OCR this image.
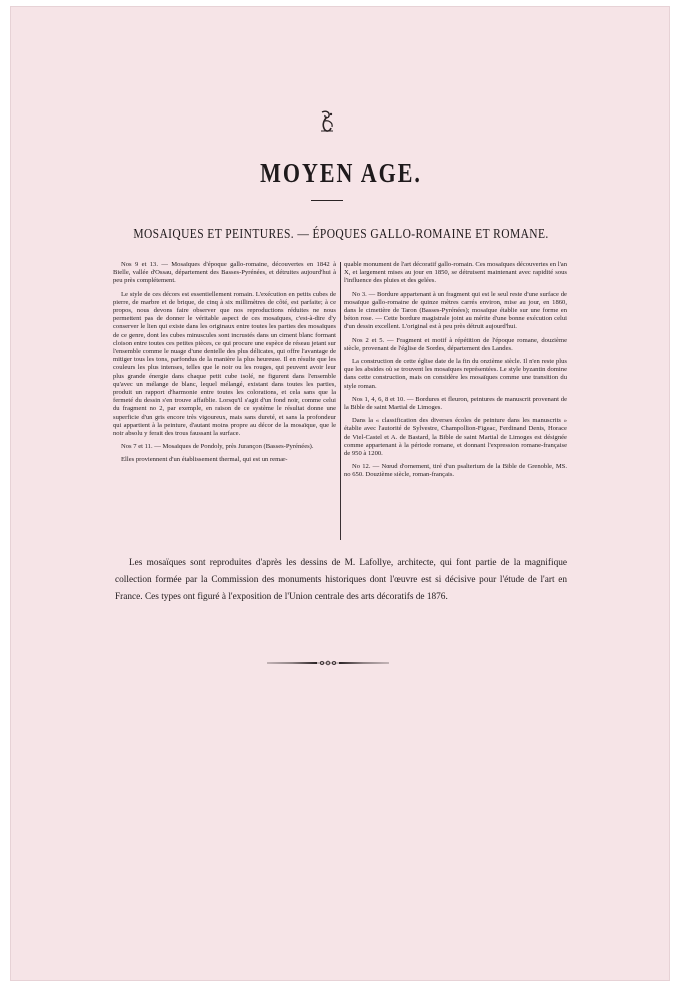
MOYEN AGE.
MOSAIQUES ET PEINTURES. — ÉPOQUES GALLO-ROMAINE ET ROMANE.

Nos 9 et 13. — Mosaïques d'époque gallo-romaine, découvertes en 1842 à Bielle, vallée d'Ossau, département des Basses-Pyrénées, et détruites aujourd'hui à peu près complétement.

Le style de ces décors est essentiellement romain. L'exécution en petits cubes de pierre, de marbre et de brique, de cinq à six millimètres de côté, est parfaite; à ce propos, nous devons faire observer que nos reproductions réduites ne nous permettent pas de donner le véritable aspect de ces mosaïques, c'est-à-dire d'y conserver le lien qui existe dans les originaux entre toutes les parties des mosaïques de ce genre, dont les cubes minuscules sont incrustés dans un ciment blanc formant cloison entre toutes ces petites pièces, ce qui procure une espèce de réseau jetant sur l'ensemble comme le nuage d'une dentelle des plus délicates, qui offre l'avantage de mitiger tous les tons, parfondus de la manière la plus heureuse. Il en résulte que les couleurs les plus intenses, telles que le noir ou les rouges, qui peuvent avoir leur plus grande énergie dans chaque petit cube isolé, ne figurent dans l'ensemble qu'avec un mélange de blanc, lequel mélangé, existant dans toutes les parties, produit un rapport d'harmonie entre toutes les colorations, et cela sans que la fermeté du dessin s'en trouve affaiblie. Lorsqu'il s'agit d'un fond noir, comme celui du fragment no 2, par exemple, en raison de ce système le résultat donne une superficie d'un gris encore très vigoureux, mais sans dureté, et sans la profondeur qui appartient à la peinture, d'autant moins propre au décor de la mosaïque, que le noir absolu y ferait des trous faussant la surface.

Nos 7 et 11. — Mosaïques de Pondoly, près Jurançon (Basses-Pyrénées).

Elles proviennent d'un établissement thermal, qui est un remar-

quable monument de l'art décoratif gallo-romain. Ces mosaïques découvertes en l'an X, et largement mises au jour en 1850, se détruisent maintenant avec rapidité sous l'influence des pluies et des gelées.

No 3. — Bordure appartenant à un fragment qui est le seul reste d'une surface de mosaïque gallo-romaine de quinze mètres carrés environ, mise au jour, en 1860, dans le cimetière de Taron (Basses-Pyrénées); mosaïque établie sur une forme en béton rose. — Cette bordure magistrale joint au mérite d'une bonne exécution celui d'un dessin excellent. L'original est à peu près détruit aujourd'hui.

Nos 2 et 5. — Fragment et motif à répétition de l'époque romane, douzième siècle, provenant de l'église de Sordes, département des Landes.

La construction de cette église date de la fin du onzième siècle. Il n'en reste plus que les absides où se trouvent les mosaïques représentées. Le style byzantin domine dans cette construction, mais on considère les mosaïques comme une transition du style roman.

Nos 1, 4, 6, 8 et 10. — Bordures et fleuron, peintures de manuscrit provenant de la Bible de saint Martial de Limoges.

Dans la « classification des diverses écoles de peinture dans les manuscrits » établie avec l'autorité de Sylvestre, Champollion-Figeac, Ferdinand Denis, Horace de Viel-Castel et A. de Bastard, la Bible de saint Martial de Limoges est désignée comme appartenant à la période romane, et donnant l'expression romane-française de 950 à 1200.

No 12. — Nœud d'ornement, tiré d'un psalterium de la Bible de Grenoble, MS. no 650. Douzième siècle, roman-français.

Les mosaïques sont reproduites d'après les dessins de M. Lafollye, architecte, qui font partie de la magnifique collection formée par la Commission des monuments historiques dont l'œuvre est si décisive pour l'étude de l'art en France. Ces types ont figuré à l'exposition de l'Union centrale des arts décoratifs de 1876.
